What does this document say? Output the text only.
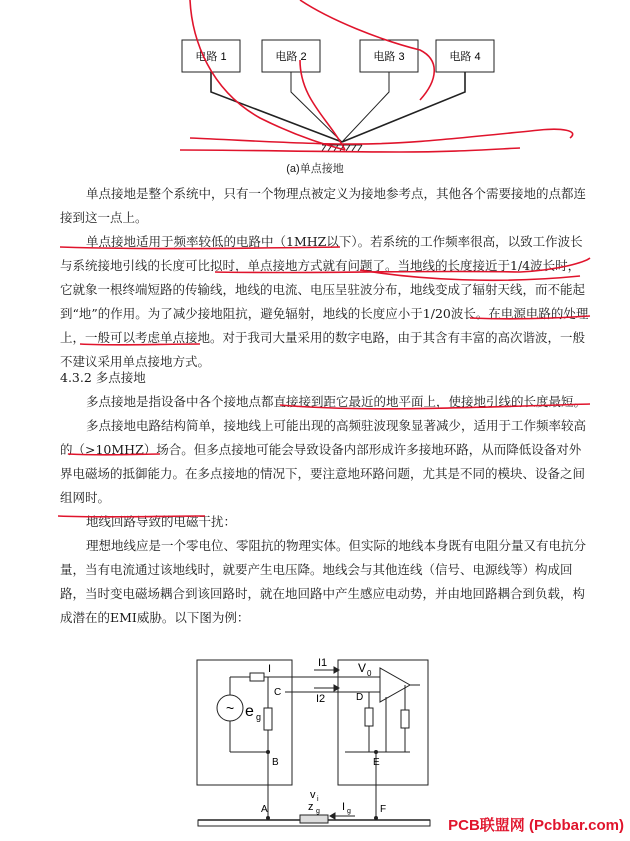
电路 1	电路 2	电路 3	电路 4
(a)单点接地

单点接地是整个系统中，只有一个物理点被定义为接地参考点，其他各个需要接地的点都连接到这一点上。

单点接地适用于频率较低的电路中（1MHZ以下）。若系统的工作频率很高，以致工作波长与系统接地引线的长度可比拟时，单点接地方式就有问题了。当地线的长度接近于1/4波长时，它就象一根终端短路的传输线，地线的电流、电压呈驻波分布，地线变成了辐射天线，而不能起到“地”的作用。为了减少接地阻抗，避免辐射，地线的长度应小于1/20波长。在电源电路的处理上，一般可以考虑单点接地。对于我司大量采用的数字电路，由于其含有丰富的高次谐波，一般不建议采用单点接地方式。

4.3.2 多点接地

多点接地是指设备中各个接地点都直接接到距它最近的地平面上，使接地引线的长度最短。

多点接地电路结构简单，接地线上可能出现的高频驻波现象显著减少，适用于工作频率较高的（>10MHZ）场合。但多点接地可能会导致设备内部形成许多接地环路，从而降低设备对外界电磁场的抵御能力。在多点接地的情况下，要注意地环路问题，尤其是不同的模块、设备之间组网时。

地线回路导致的电磁干扰：

理想地线应是一个零电位、零阻抗的物理实体。但实际的地线本身既有电阻分量又有电抗分量，当有电流通过该地线时，就要产生电压降。地线会与其他连线（信号、电源线等）构成回路，当时变电磁场耦合到该回路时，就在地回路中产生感应电动势，并由地回路耦合到负载，构成潜在的EMI威胁。以下图为例：

~ e g
I	I1
I2
C	D
V 0
B	E
A	F
v i
z g I g
PCB联盟网 (Pcbbar.com)
